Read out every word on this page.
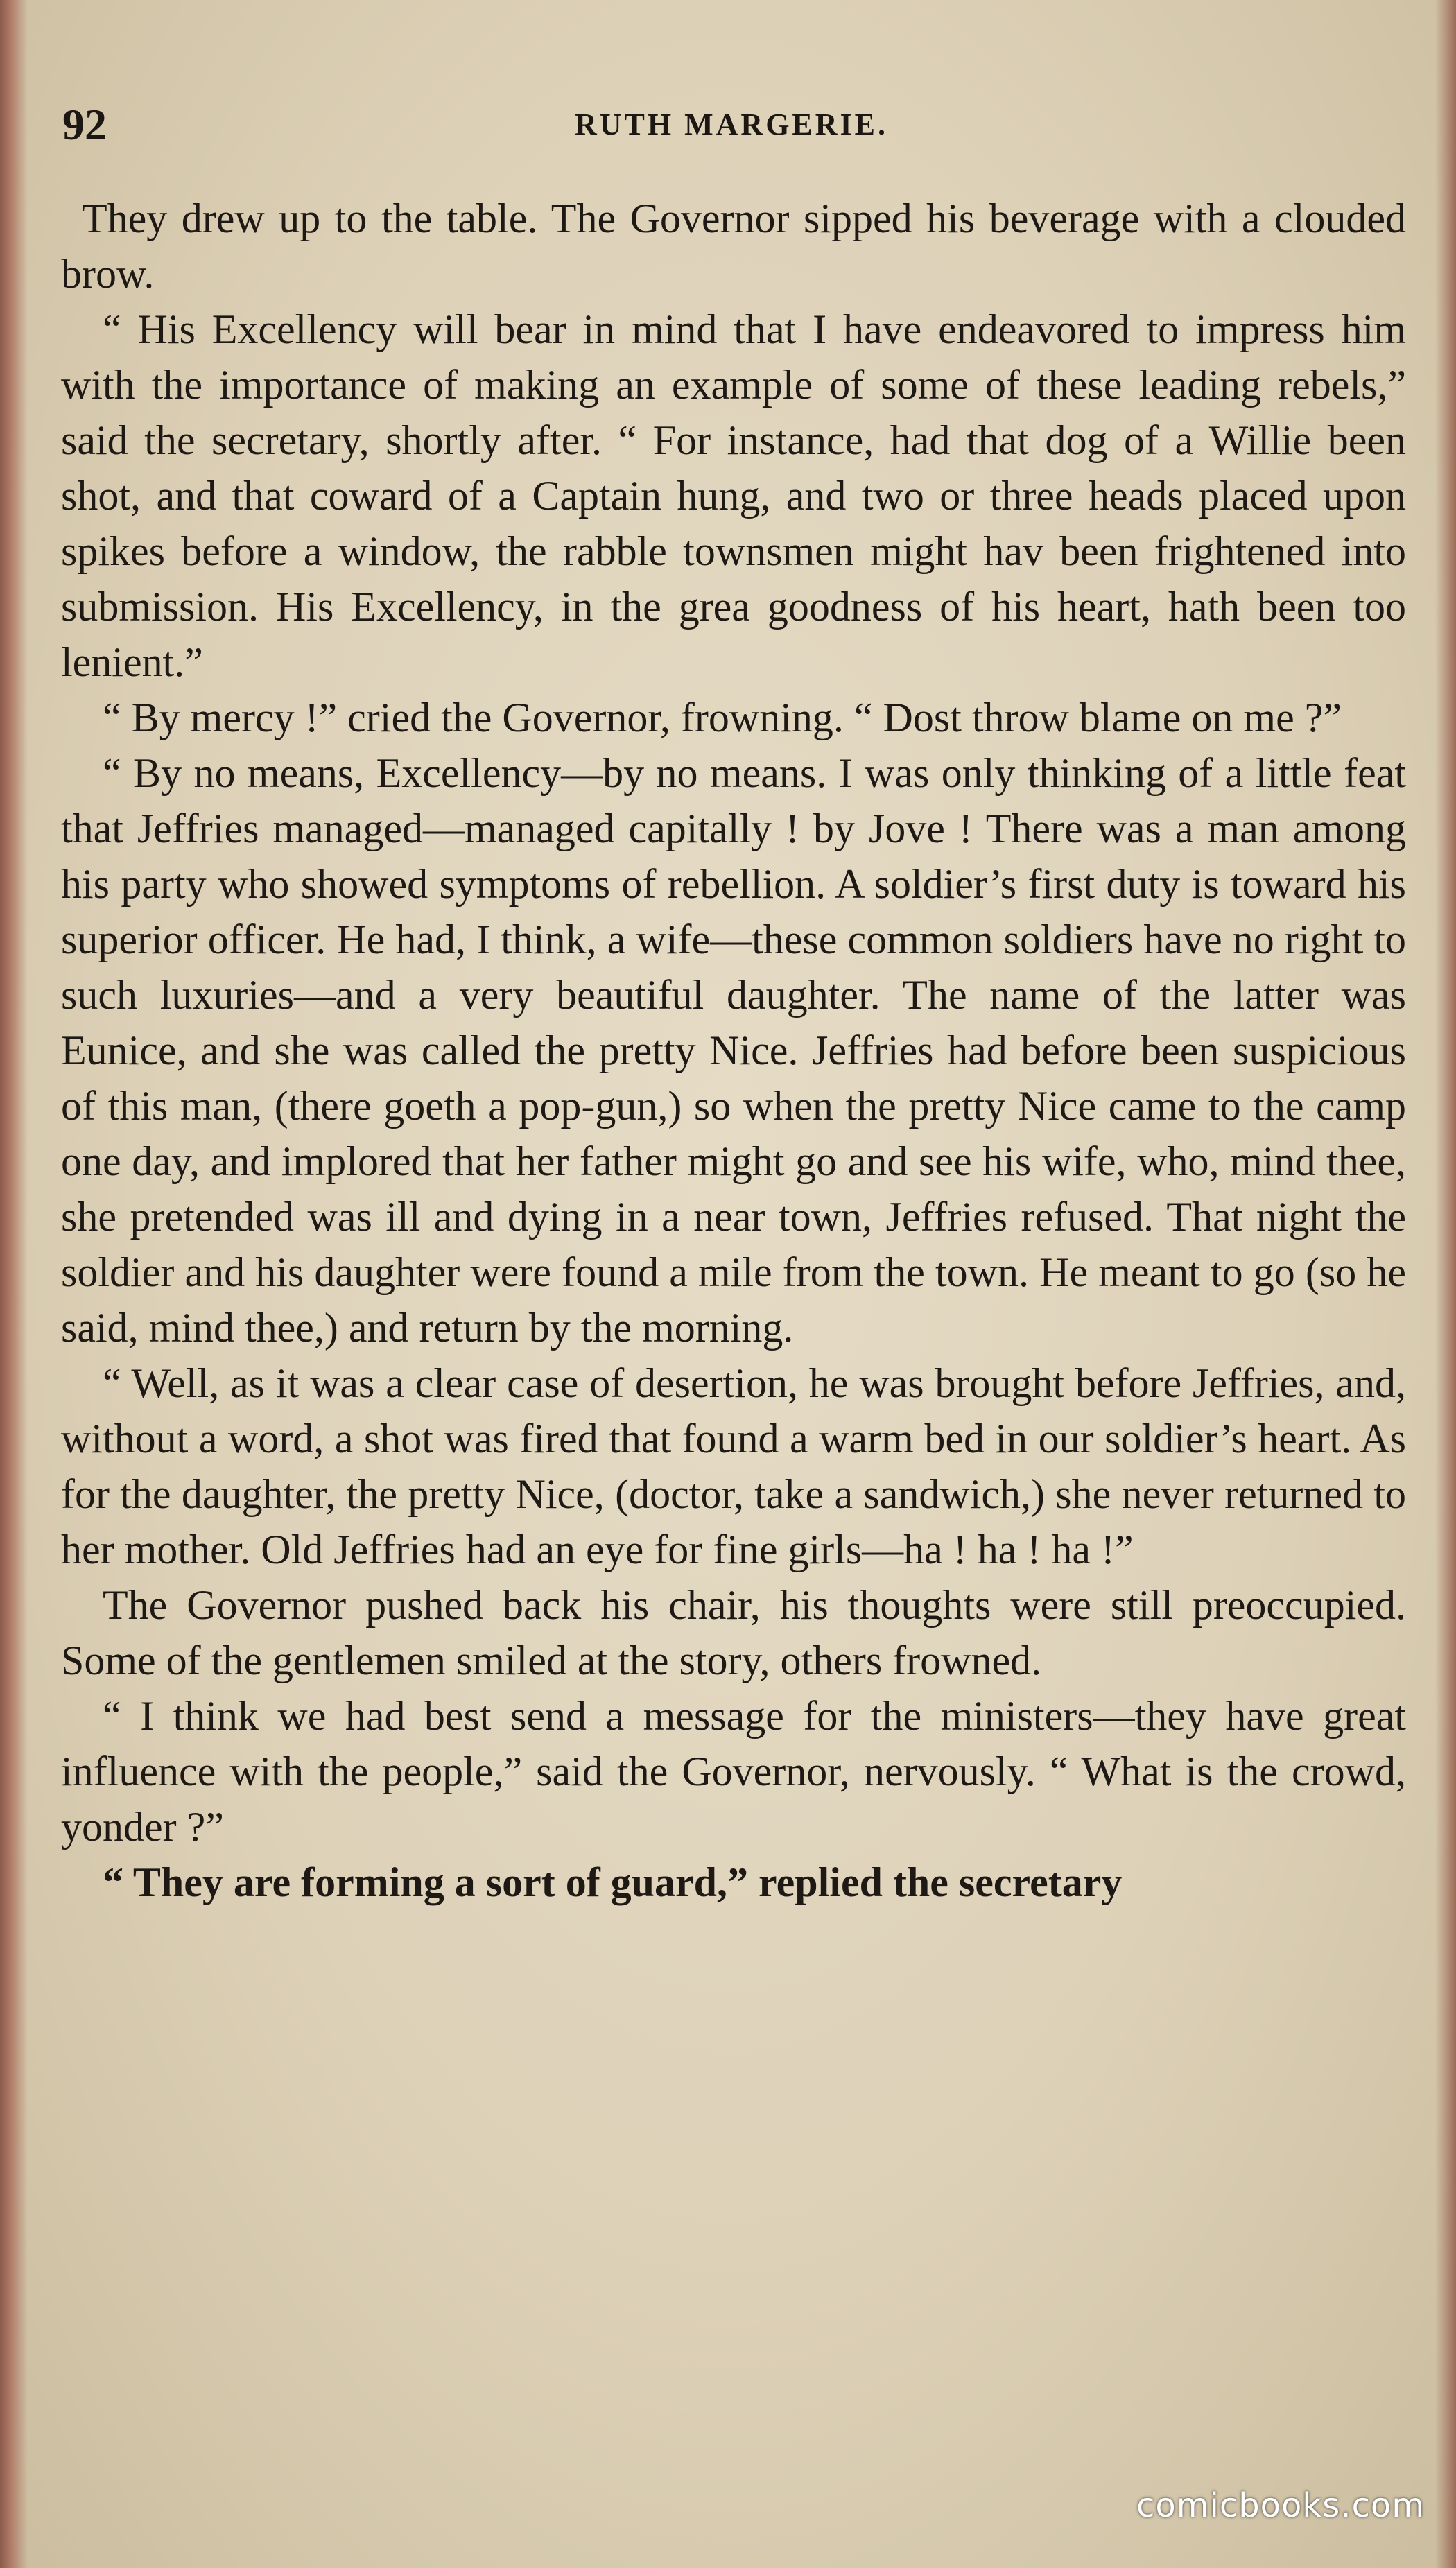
92	RUTH MARGERIE.

They drew up to the table. The Governor sipped his beverage with a clouded brow.

“ His Excellency will bear in mind that I have endeavored to impress him with the importance of making an example of some of these leading rebels,” said the secretary, shortly after. “ For instance, had that dog of a Willie been shot, and that coward of a Captain hung, and two or three heads placed upon spikes before a window, the rabble townsmen might hav been frightened into submission. His Excellency, in the grea goodness of his heart, hath been too lenient.”

“ By mercy !” cried the Governor, frowning. “ Dost throw blame on me ?”

“ By no means, Excellency—by no means. I was only thinking of a little feat that Jeffries managed—managed capitally ! by Jove ! There was a man among his party who showed symptoms of rebellion. A soldier’s first duty is toward his superior officer. He had, I think, a wife—these common soldiers have no right to such luxuries—and a very beautiful daughter. The name of the latter was Eunice, and she was called the pretty Nice. Jeffries had before been suspicious of this man, (there goeth a pop-gun,) so when the pretty Nice came to the camp one day, and implored that her father might go and see his wife, who, mind thee, she pretended was ill and dying in a near town, Jeffries refused. That night the soldier and his daughter were found a mile from the town. He meant to go (so he said, mind thee,) and return by the morning.

“ Well, as it was a clear case of desertion, he was brought before Jeffries, and, without a word, a shot was fired that found a warm bed in our soldier’s heart. As for the daughter, the pretty Nice, (doctor, take a sandwich,) she never returned to her mother. Old Jeffries had an eye for fine girls—ha ! ha ! ha !”

The Governor pushed back his chair, his thoughts were still preoccupied. Some of the gentlemen smiled at the story, others frowned.

“ I think we had best send a message for the ministers—they have great influence with the people,” said the Governor, nervously. “ What is the crowd, yonder ?”

“ They are forming a sort of guard,” replied the secretary

comicbooks.com
